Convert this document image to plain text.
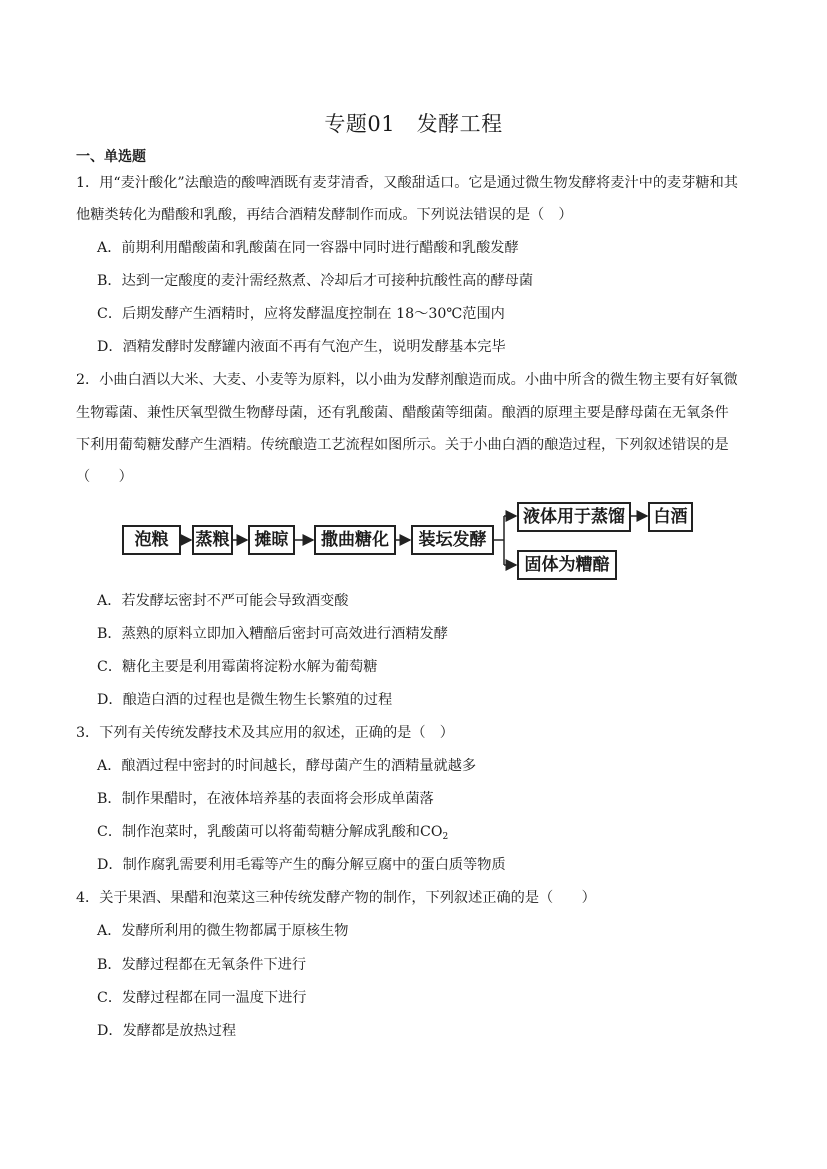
专题01　发酵工程
一、单选题
1．用“麦汁酸化”法酿造的酸啤酒既有麦芽清香，又酸甜适口。它是通过微生物发酵将麦汁中的麦芽糖和其
他糖类转化为醋酸和乳酸，再结合酒精发酵制作而成。下列说法错误的是（　）
A．前期利用醋酸菌和乳酸菌在同一容器中同时进行醋酸和乳酸发酵
B．达到一定酸度的麦汁需经熬煮、冷却后才可接种抗酸性高的酵母菌
C．后期发酵产生酒精时，应将发酵温度控制在 18～30℃范围内
D．酒精发酵时发酵罐内液面不再有气泡产生，说明发酵基本完毕
2．小曲白酒以大米、大麦、小麦等为原料，以小曲为发酵剂酿造而成。小曲中所含的微生物主要有好氧微
生物霉菌、兼性厌氧型微生物酵母菌，还有乳酸菌、醋酸菌等细菌。酿酒的原理主要是酵母菌在无氧条件
下利用葡萄糖发酵产生酒精。传统酿造工艺流程如图所示。关于小曲白酒的酿造过程，下列叙述错误的是
（　　）
泡粮	蒸粮	摊晾	撒曲糖化	装坛发酵
液体用于蒸馏	白酒
固体为糟醅
A．若发酵坛密封不严可能会导致酒变酸
B．蒸熟的原料立即加入糟醅后密封可高效进行酒精发酵
C．糖化主要是利用霉菌将淀粉水解为葡萄糖
D．酿造白酒的过程也是微生物生长繁殖的过程
3．下列有关传统发酵技术及其应用的叙述，正确的是（　）
A．酿酒过程中密封的时间越长，酵母菌产生的酒精量就越多
B．制作果醋时，在液体培养基的表面将会形成单菌落
C．制作泡菜时，乳酸菌可以将葡萄糖分解成乳酸和$CO_2$
D．制作腐乳需要利用毛霉等产生的酶分解豆腐中的蛋白质等物质
4．关于果酒、果醋和泡菜这三种传统发酵产物的制作，下列叙述正确的是（　　）
A．发酵所利用的微生物都属于原核生物
B．发酵过程都在无氧条件下进行
C．发酵过程都在同一温度下进行
D．发酵都是放热过程
